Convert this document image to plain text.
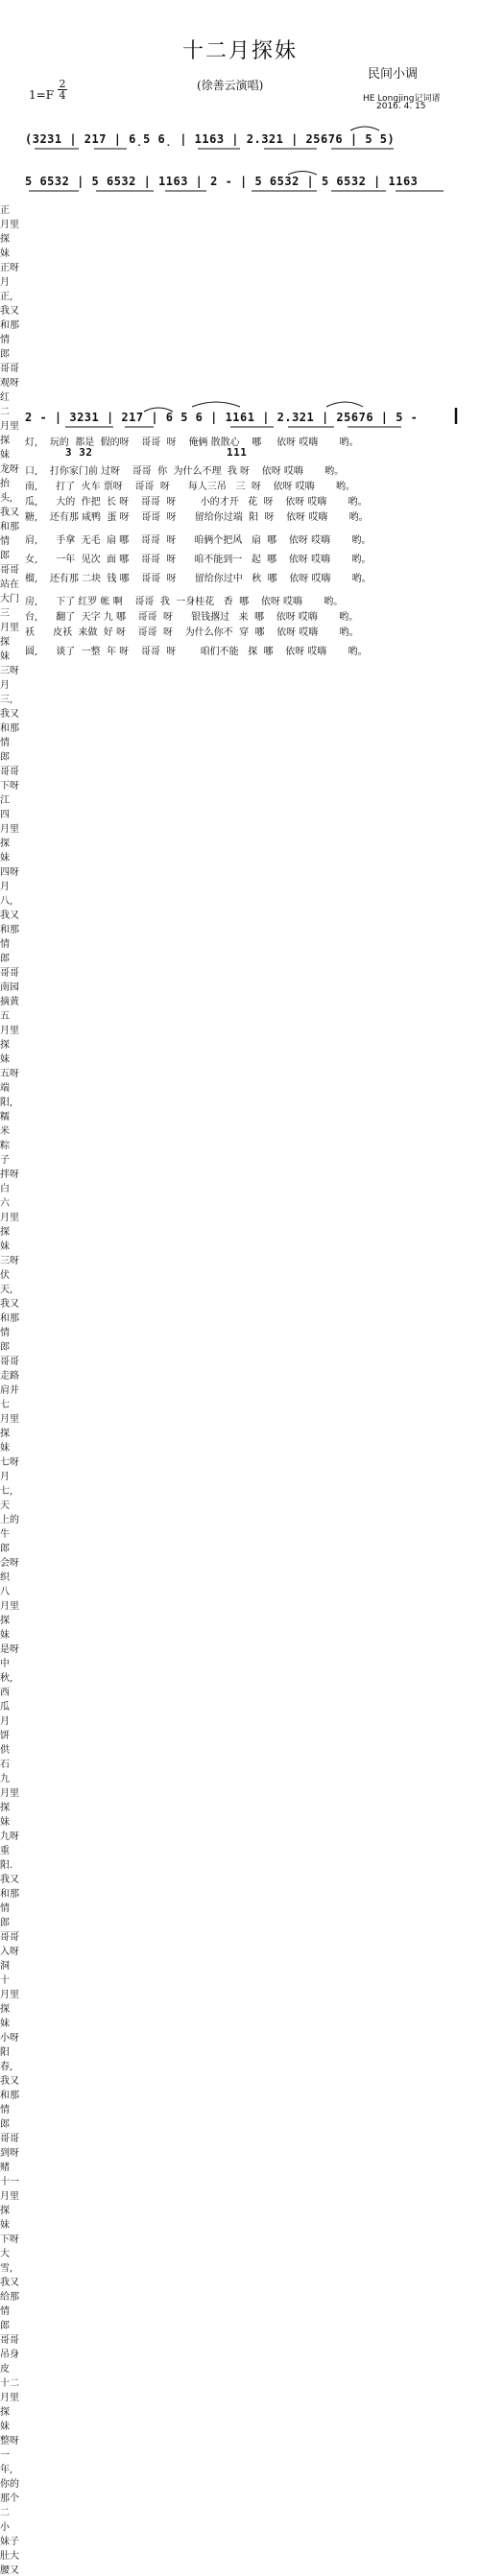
十二月探妹
民间小调
(徐善云演唱)
1=F
2
4	HE Longjing记词谱
2016. 4. 15
(3231 | 217 | 6̣5 6̣ | 1163 | 2.321 | 25676 | 5 5)
5 6532 | 5 6532 | 1163 | 2 - | 5 6532 | 5 6532 | 1163
正
月里
探
妹
正呀
月
正,
我又
和那
情
郎
哥哥
观呀
红
二
月里
探
妹
龙呀
抬
头,
我又
和那
情
郎
哥哥
站在
大门
三
月里
探
妹
三呀
月
三,
我又
和那
情
郎
哥哥
下呀
江
四
月里
探
妹
四呀
月
八,
我又
和那
情
郎
哥哥
南园
摘黄
五
月里
探
妹
五呀
端
阳,
糯
米
粽
子
拌呀
白
六
月里
探
妹
三呀
伏
天,
我又
和那
情
郎
哥哥
走路
肩并
七
月里
探
妹
七呀
月
七,
天
上的
牛
郎
会呀
织
八
月里
探
妹
是呀
中
秋,
西
瓜
月
饼
供
石
九
月里
探
妹
九呀
重
阳.
我又
和那
情
郎
哥哥
入呀
洞
十
月里
探
妹
小呀
阳
春,
我又
和那
情
郎
哥哥
到呀
赌
十一
月里
探
妹
下呀
大
雪,
我又
给那
情
郎
哥哥
吊身
皮
十二
月里
探
妹
整呀
一
年,
你的
那个
二
小
妹子
肚大
腰又
2 - | 3231 | 217 | 6 5 6 | 1161 | 2.321 | 25676 | 5 -
3 32	111
灯,    玩的  都是  假的呀    哥哥  呀    俺俩 散散心    哪     依呀 哎嗨       哟。
口,    打你家门前 过呀    哥哥  你  为什么不理  我 呀    依呀 哎嗨       哟。
南,      打了  火车 票呀    哥哥  呀      每人三吊   三  呀    依呀 哎嗨       哟。
瓜,      大的  作把  长 呀    哥哥  呀        小的才开   花  呀    依呀 哎嗨       哟。
糖,    还有那 咸鸭  蛋 呀    哥哥  呀      留给你过端  阳  呀    依呀 哎嗨       哟。
肩,      手拿  无毛  扇 哪    哥哥  呀      咱俩个把风   扇  哪    依呀 哎嗨       哟。
女,      一年  见次  面 哪    哥哥  呀      咱不能到一   起  哪    依呀 哎嗨       哟。
榴,    还有那 二块  钱 哪    哥哥  呀      留给你过中   秋  哪    依呀 哎嗨       哟。
房,      下了 红罗 帐 啊    哥哥  我  一身桂花   香  哪    依呀 哎嗨       哟。
台,      翻了  天字 九 哪    哥哥  呀      银钱撂过   来  哪    依呀 哎嗨       哟。
袄      皮袄  来做  好 呀    哥哥  呀    为什么你不  穿  哪    依呀 哎嗨       哟。
圆,      谈了  一整  年 呀    哥哥  呀        咱们不能   探  哪    依呀 哎嗨       哟。
